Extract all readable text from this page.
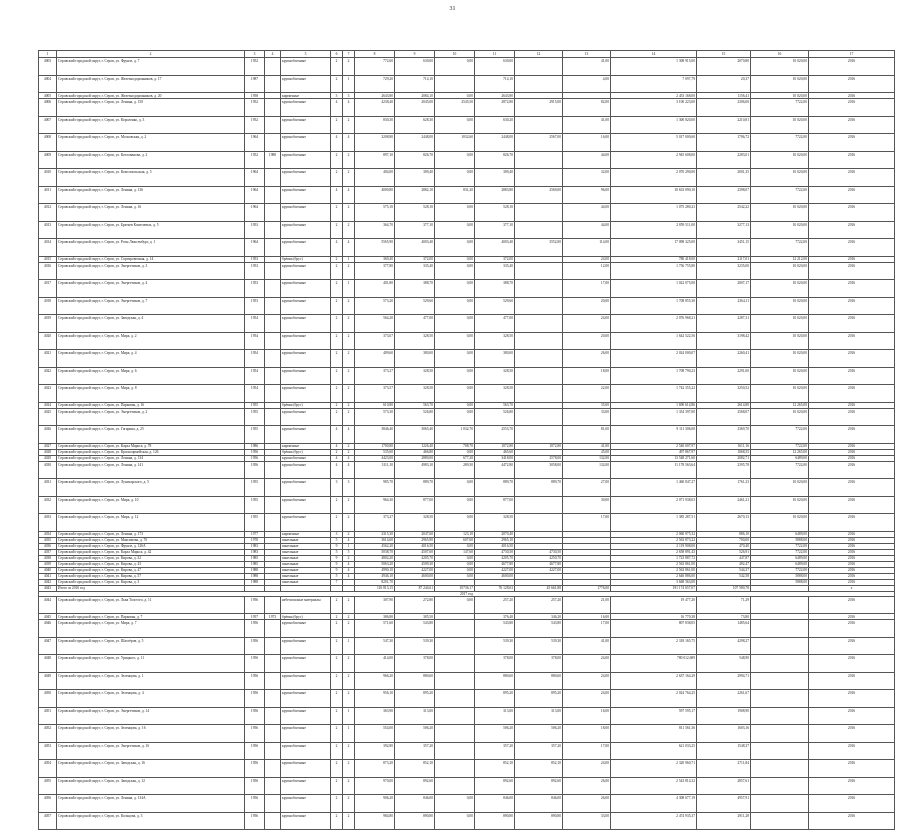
31
1	2	3	4	5	6	7	8	9	10	11	12	13	14	15	16	17
4003	Серовский городской округ, г. Серов, ул. Фрунзе, д. 7	1952		крупноблочные	2	2	772,60	630,00	0,00	630,00		41,00	1 308 915,00	2070,80	10 020,00	2016
4004	Серовский городской округ, г. Серов, ул. Железнодорожников, д. 17	1987		крупноблочные	2	1	729,20	714,10		714,10		4,00	7 097,79	20,37	10 020,00	2016
4005	Серовский городской округ, г. Серов, ул. Железнодорожников, д. 20	1958		кирпичные	3	3	2643,80	2084,10	0,00	2643,80			2 453 168,00	1156,41	10 020,00	2016
4006	Серовский городской округ, г. Серов, ул. Ленина, д. 150	1952		крупноблочные	4	4	4238,40	2045,00	2545,50	2872,80	2915,00	82,00	3 100 223,00	2306,00	7722,00	2016
4007	Серовский городской округ, г. Серов, ул. Короленко, д. 3	1952		крупноблочные	2	2	830,30	628,30	0,00	630,20		41,00	1 300 820,00	2210,81	10 020,00	2016
4008	Серовский городской округ, г. Серов, ул. Московская, д. 2	1964		крупноблочные	4	4	3208,80	2448,00	1032,60	2448,00	2567,00	16,00	5 017 000,60	1706,72	7722,00	2016
4009	Серовский городской округ, г. Серов, ул. Котлованова, д. 2	1952	1988	крупноблочные	2	2	897,10	826,70	0,00	826,70		44,00	2 945 608,00	2283,01	10 020,00	2016
4010	Серовский городской округ, г. Серов, ул. Комсомольская, д. 5	1964		крупноблочные	2	2	404,00	309,40	0,00	309,40		32,00	2 070 290,00	2001,35	10 020,00	2016
4011	Серовский городской округ, г. Серов, ул. Ленина, д. 136	1964		крупноблочные	4	4	4000,80	2882,10	831,20	2883,80	2569,00	96,00	10 633 090,10	2398,07	7722,00	2016
4012	Серовский городской округ, г. Серов, ул. Ленина, д. 16	1964		крупноблочные	2	2	575,10	528,10	0,00	528,10		44,00	1 075 280,23	2542,22	10 020,00	2016
4013	Серовский городской округ, г. Серов, ул. Братьев Кошелевых, д. 5	1953		крупноблочные	2	2	364,70	377,10	0,00	377,10		44,00	2 859 511,00	3277,13	10 020,00	2016
4014	Серовский городской округ, г. Серов, ул. Розы Люксембург, д. 1	1964		крупноблочные	4	4	5565,90	4003,40	0,00	4003,40	3552,00	114,00	17 098 325,00	3451,15	7722,00	2016
4015	Серовский городской округ, г. Серов, ул. Сортировочная, д. 14	1953		брёвна (брус)	2	1	369,40	372,00	0,00	372,00		24,00	780 418,00	2117,01	12 212,00	2016
4016	Серовский городской округ, г. Серов, ул. Энергетиков, д. 3	1953		крупноблочные	2	2	377,80	335,40	0,00	335,40		12,00	1 756 755,80	3235,00	10 020,00	2016
4017	Серовский городской округ, г. Серов, ул. Энергетиков, д. 4	1953		крупноблочные	2	1	401,80	388,70	0,00	388,70		17,00	1 022 075,00	2807,17	10 020,00	2016
4018	Серовский городской округ, г. Серов, ул. Энергетиков, д. 7	1953		крупноблочные	2	2	573,20	529,60	0,00	529,60		20,00	1 708 855,30	2364,11	10 020,00	2016
4019	Серовский городской округ, г. Серов, ул. Заводская, д. 4	1954		крупноблочные	2	2	564,20	477,00	0,00	477,00		24,00	2 076 968,21	2287,31	10 020,00	2016
4020	Серовский городской округ, г. Серов, ул. Мира, д. 2	1954		крупноблочные	2	2	373,07	328,50	0,00	328,50		20,00	1 642 522,56	3198,42	10 020,00	2016
4021	Серовский городской округ, г. Серов, ул. Мира, д. 4	1954		крупноблочные	2	2	409,60	380,00	0,00	380,00		26,00	2 024 000,07	2260,41	10 020,00	2016
4022	Серовский городской округ, г. Серов, ул. Мира, д. 6	1954		крупноблочные	2	2	373,27	328,50	0,00	328,50		18,00	1 708 790,23	2291,00	10 020,00	2016
4023	Серовский городской округ, г. Серов, ул. Мира, д. 8	1954		крупноблочные	2	2	373,57	328,50	0,00	328,50		22,00	1 742 355,22	3250,52	10 020,00	2016
4024	Серовский городской округ, г. Серов, ул. Парковая, д. 16	1955		брёвна (брус)	2	2	610,80	563,70	0,00	563,70		35,00	1 690 614,86	2614,80	12 265,00	2016
4025	Серовский городской округ, г. Серов, ул. Энергетиков, д. 2	1955		крупноблочные	2	2	573,30	526,80	0,00	526,80		33,00	1 354 397,00	2568,07	10 020,00	2016
4026	Серовский городской округ, г. Серов, ул. Гагарина, д. 25	1955		крупноблочные	4	4	3846,40	3065,40	1 032,70	2553,70		81,00	9 111 306,00	2369,70	7722,00	2016
4027	Серовский городской округ, г. Серов, ул. Карла Маркса, д. 78	1986		кирпичные	4	2	1700,80	1226,40	708,70	1072,80	1072,80	41,00	2 540 007,97	1611,16	7722,00	2016
4028	Серовский городской округ, г. Серов, ул. Красноармейская, д. 126	1956		брёвна (брус)	2	2	535,60	466,80	0,00	465,60		45,00	497 867,97	1068,55	12 265,00	2016
4029	Серовский городской округ, г. Серов, ул. Ленина, д. 134	1956		крупноблочные	4	4	4423,00	2880,00	677,20	3418,00	2578,00	132,00	13 548 271,60	2082,71	6489,00	2016
4030	Серовский городской округ, г. Серов, ул. Ленина, д. 141	1956		крупноблочные	4	4	3111,10	4983,10	289,50	4472,80	3058,00	132,00	11 178 563,64	2395,78	7722,00	2016
4031	Серовский городской округ, г. Серов, ул. Луначарского, д. 5	1955		крупноблочные	3	3	985,70	889,70	0,00	889,70	889,70	27,00	1 460 847,27	1761,23	10 020,00	2016
4032	Серовский городской округ, г. Серов, ул. Мира, д. 10	1955		крупноблочные	2	2	964,30	877,00	0,00	877,00		30,00	2 071 938,03	2461,21	10 020,00	2016
4033	Серовский городской округ, г. Серов, ул. Мира, д. 12	1955		крупноблочные	2	2	373,27	328,50	0,00	328,50		17,00	1 385 287,51	2670,13	10 020,00	2016
4034	Серовский городской округ, г. Серов, ул. Ленина, д. 173	1977		кирпичные	3	2	2315,30	2047,60	123,10	2070,40			2 060 975,32	886,10	6489,00	2016
4035	Серовский городской округ, г. Серов, ул. Максимова, д. 70	1978		панельные	5	4	3614,60	2965,90	607,60	2965,10			2 563 873,22	700,00	5888,00	2016
4036	Серовский городской округ, г. Серов, ул. Фрунзе, д. 126А	1983		панельные	9	1	4562,20	4016,50	0,00	4016,50			2 119 908,00	470,40	7722,00	2016
4037	Серовский городской округ, г. Серов, ул. Карла Маркса, д. 42	1983		панельные	5	5	5038,70	4507,60	147,60	4730,50	4730,50		2 658 891,43	526,91	7722,00	2016
4038	Серовский городской округ, г. Серов, ул. Кирова, д. 32	1985		панельные	9	2	4802,20	4205,70	0,00	4205,70	4250,70		1 723 887,72	447,87	6489,00	2016
4039	Серовский городской округ, г. Серов, ул. Кирова, д. 43	1985		панельные	9	4	5063,20	4509,30	0,00	4677,80	4677,80		2 563 861,00	492,47	6489,00	2016
4040	Серовский городской округ, г. Серов, ул. Кирова, д. 47	1988		панельные	9	4	4990,10	4227,00	0,00	4227,00	4227,00		2 563 861,00	544,37	7722,00	2016
4041	Серовский городской округ, г. Серов, ул. Кирова, д. 57	1988		панельные	5	4	4946,10	4600,00	0,00	4600,00			2 646 886,00	542,58	5888,00	2016
4042	Серовский городской округ, г. Серов, ул. Кирова, д. 3	1988		панельные	7		8201,70						3 668 363,00		5888,00	2016
4043	Итого за 2016 год						116 813,15	87 244,61	10736,17	76 128,63	45 661,88	1776,00	191 174 657,07	107 580,78		x
2017 год																
4044	Серовский городской округ, г. Серов, ул. Льва Толстого, д. 11	1956		небезопасные материалы	2	2	307,90	272,80	0,00	257,20	257,20	21,00	19 477,20	71,29		2016
4045	Серовский городской округ, г. Серов, ул. Парковая, д. 7	1957	1973	брёвна (брус)	2	2	386,80	385,50		376,40	346,20	16,00	16 770,38	73,80		2016
4046	Серовский городской округ, г. Серов, ул. Мира, д. 7	1956		крупноблочные	2	2	571,60	543,80		543,80	543,80	17,00	807 838,05	1485,64		2016
4047	Серовский городской округ, г. Серов, ул. Шахтёров, д. 5	1956		крупноблочные	2	1	547,30	539,30		539,30	539,30	41,00	2 318 165,75	4298,27		2016
4048	Серовский городской округ, г. Серов, ул. Урицкого, д. 11	1956		крупноблочные	2	2	414,00	378,00		378,00	378,00	24,00	780 012,689	548,90		2016
4049	Серовский городской округ, г. Серов, ул. Зеленцова, д. 1	1956		крупноблочные	2	2	966,20	880,60		880,60	880,60	24,00	2 637 164,29	2994,71		2016
4050	Серовский городской округ, г. Серов, ул. Зеленцова, д. 4	1956		крупноблочные	2	2	956,10	895,20		895,20	895,20	24,00	2 024 764,25	2261,67		2016
4051	Серовский городской округ, г. Серов, ул. Энергетиков, д. 14	1956		крупноблочные	2	1	363,90	313,00		313,00	313,00	16,00	597 595,17	1908,90		2016
4052	Серовский городской округ, г. Серов, ул. Зеленцова, д. 16	1956		крупноблочные	2	1	554,00	506,20		506,20	506,20	18,00	811 561,36	1603,16		2016
4053	Серовский городской округ, г. Серов, ул. Энергетиков, д. 16	1956		крупноблочные	2	2	392,80	357,20		357,20	357,20	17,00	621 033,25	1548,37		2016
4054	Серовский городской округ, г. Серов, ул. Заводская, д. 16	1956		крупноблочные	2	2	873,20	852,10		852,10	852,10	24,00	2 320 960,71	2711,84		2016
4055	Серовский городской округ, г. Серов, ул. Заводская, д. 12	1956		крупноблочные	2	2	970,00	892,60		892,60	892,60	26,00	2 543 814,32	2857,61		2016
4056	Серовский городской округ, г. Серов, ул. Ленина, д. 134А	1956		крупноблочные	2	2	906,20	846,00	0,00	846,00	846,00	26,00	4 308 677,19	4957,91		2016
4057	Серовский городской округ, г. Серов, ул. Кольцова, д. 3	1956		крупноблочные	2	2	984,80	890,80	0,00	890,80	890,80	33,00	2 474 935,37	2911,28		2016
